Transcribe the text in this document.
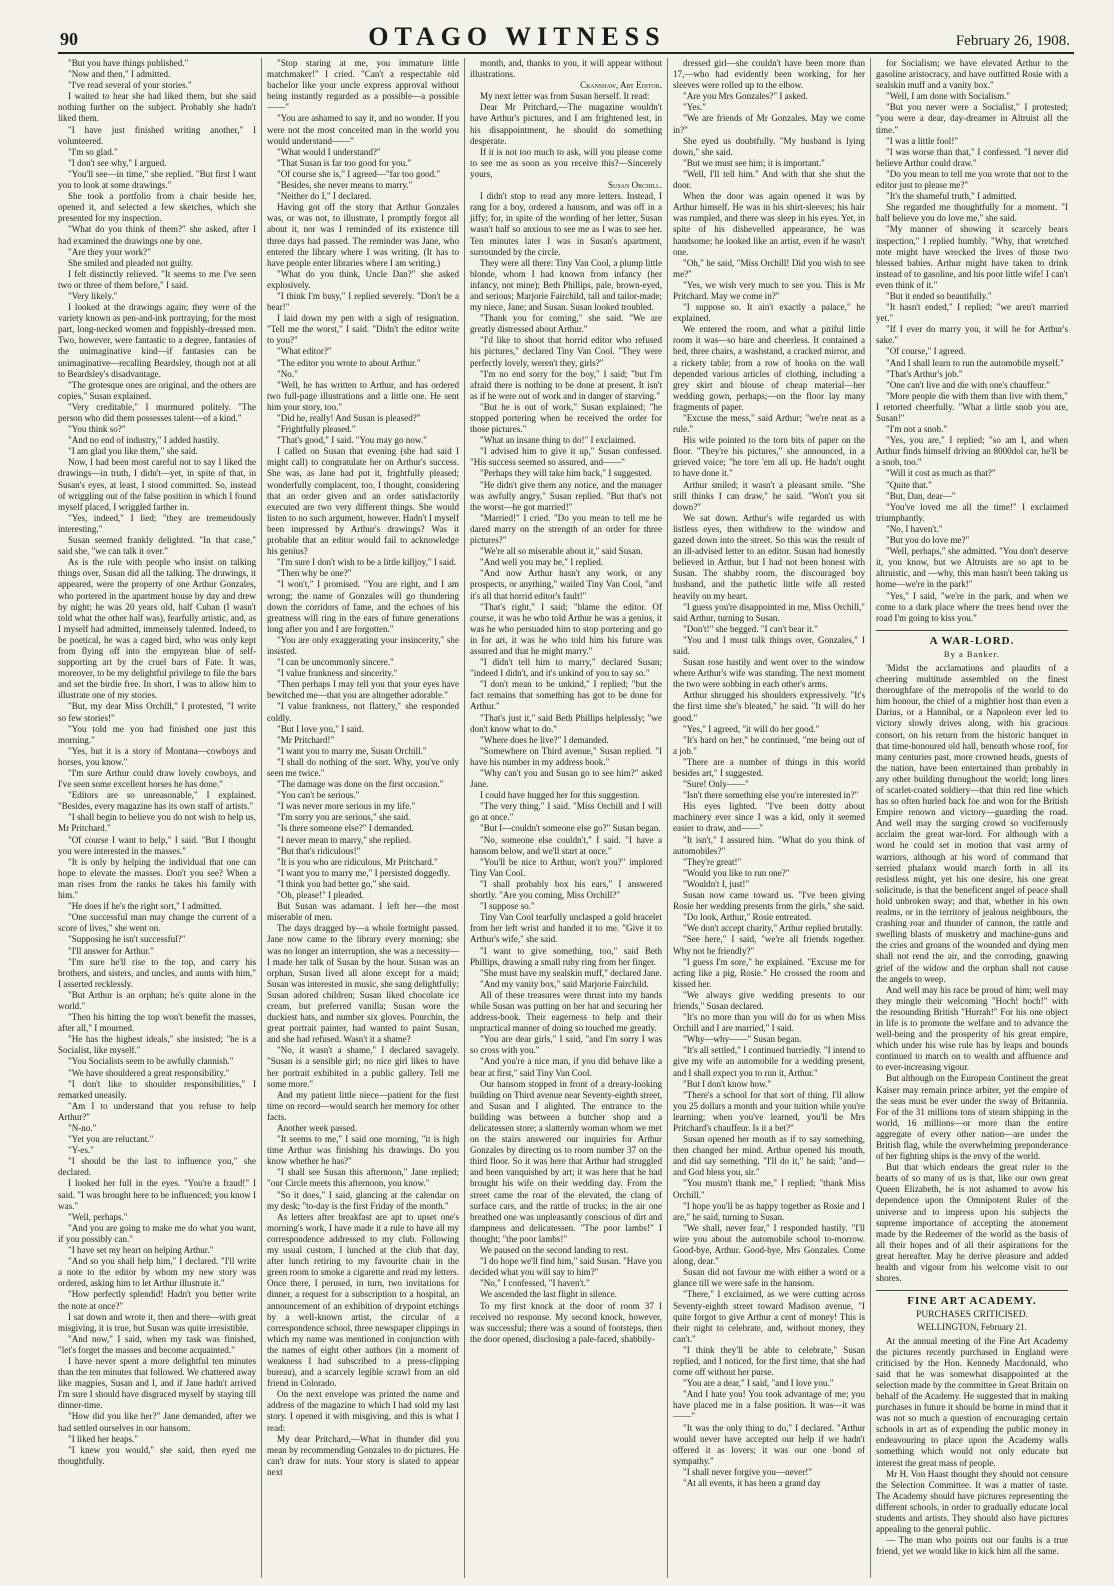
90	OTAGO WITNESS	February 26, 1908.

"But you have things published."

"Now and then," I admitted.

"I've read several of your stories."

I waited to hear she had liked them, but she said nothing further on the subject. Probably she hadn't liked them.

"I have just finished writing another," I volunteered.

"I'm so glad."

"I don't see why," I argued.

"You'll see—in time," she replied. "But first I want you to look at some drawings."

She took a portfolio from a chair beside her, opened it, and selected a few sketches, which she presented for my inspection.

"What do you think of them?" she asked, after I had examined the drawings one by one.

"Are they your work?"

She smiled and pleaded not guilty.

I felt distinctly relieved. "It seems to me I've seen two or three of them before," I said.

"Very likely."

I looked at the drawings again; they were of the variety known as pen-and-ink portraying, for the most part, long-necked women and foppishly-dressed men. Two, however, were fantastic to a degree, fantasies of the unimaginative kind—if fantasies can be unimaginative—recalling Beardsley, though not at all to Beardsley's disadvantage.

"The grotesque ones are original, and the others are copies," Susan explained.

"Very creditable," I murmured politely. "The person who did them possesses talent—of a kind."

"You think so?"

"And no end of industry," I added hastily.

"I am glad you like them," she said.

Now, I had been most careful not to say I liked the drawings—in truth, I didn't—yet, in spite of that, in Susan's eyes, at least, I stood committed. So, instead of wriggling out of the false position in which I found myself placed, I wriggled farther in.

"Yes, indeed," I lied; "they are tremendously interesting."

Susan seemed frankly delighted. "In that case," said she, "we can talk it over."

As is the rule with people who insist on talking things over, Susan did all the talking. The drawings, it appeared, were the property of one Arthur Gonzales, who portered in the apartment house by day and drew by night; he was 20 years old, half Cuban (I wasn't told what the other half was), fearfully artistic, and, as I myself had admitted, immensely talented. Indeed, to be poetical, he was a caged bird, who was only kept from flying off into the empyrean blue of self-supporting art by the cruel bars of Fate. It was, moreover, to be my delightful privilege to file the bars and set the birdie free. In short, I was to allow him to illustrate one of my stories.

"But, my dear Miss Orchill," I protested, "I write so few stories!"

"You told me you had finished one just this morning."

"Yes, but it is a story of Montana—cowboys and horses, you know."

"I'm sure Arthur could draw lovely cowboys, and I've seen some excellent horses he has done."

"Editors are so unreasonable," I explained. "Besides, every magazine has its own staff of artists."

"I shall begin to believe you do not wish to help us, Mr Pritchard."

"Of course I want to help," I said. "But I thought you were interested in the masses."

"It is only by helping the individual that one can hope to elevate the masses. Don't you see? When a man rises from the ranks he takes his family with him."

"He does if he's the right sort," I admitted.

"One successful man may change the current of a score of lives," she went on.

"Supposing he isn't successful?"

"I'll answer for Arthur."

"I'm sure he'll rise to the top, and carry his brothers, and sisters, and uncles, and aunts with him," I asserted recklessly.

"But Arthur is an orphan; he's quite alone in the world."

"Then his hitting the top won't benefit the masses, after all," I mourned.

"He has the highest ideals," she insisted; "he is a Socialist, like myself."

"You Socialists seem to be awfully clannish."

"We have shouldered a great responsibility."

"I don't like to shoulder responsibilities," I remarked uneasily.

"Am I to understand that you refuse to help Arthur?"

"N-no."

"Yet you are reluctant."

"Y-es."

"I should be the last to influence you," she declared.

I looked her full in the eyes. "You're a fraud!" I said. "I was brought here to be influenced; you know I was."

"Well, perhaps."

"And you are going to make me do what you want, if you possibly can."

"I have set my heart on helping Arthur."

"And so you shall help him," I declared. "I'll write a note to the editor by whom my new story was ordered, asking him to let Arthur illustrate it."

"How perfectly splendid! Hadn't you better write the note at once?"

I sat down and wrote it, then and there—with great misgiving, it is true, but Susan was quite irresistible.

"And now," I said, when my task was finished, "let's forget the masses and become acquainted."

I have never spent a more delightful ten minutes than the ten minutes that followed. We chattered away like magpies, Susan and I, and if Jane hadn't arrived I'm sure I should have disgraced myself by staying till dinner-time.

"How did you like her?" Jane demanded, after we had settled ourselves in our hansom.

"I liked her heaps."

"I knew you would," she said, then eyed me thoughtfully.

"Stop staring at me, you immature little matchmaker!" I cried. "Can't a respectable old bachelor like your uncle express approval without being instantly regarded as a possible—a possible——"

"You are ashamed to say it, and no wonder. If you were not the most conceited man in the world you would understand——"

"What would I understand?"

"That Susan is far too good for you."

"Of course she is," I agreed—"far too good."

"Besides, she never means to marry."

"Neither do I," I declared.

Having got off the story that Arthur Gonzales was, or was not, to illustrate, I promptly forgot all about it, nor was I reminded of its existence till three days had passed. The reminder was Jane, who entered the library where I was writing. (It has to have people enter libraries where I am writing.)

"What do you think, Uncle Dan?" she asked explosively.

"I think I'm busy," I replied severely. "Don't be a bear!"

I laid down my pen with a sigh of resignation. "Tell me the worst," I said. "Didn't the editor write to you?"

"What editor?"

"The editor you wrote to about Arthur."

"No."

"Well, he has written to Arthur, and has ordered two full-page illustrations and a little one. He sent him your story, too."

"Did he, really! And Susan is pleased?"

"Frightfully pleased."

"That's good," I said. "You may go now."

I called on Susan that evening (she had said I might call) to congratulate her on Arthur's success. She was, as Jane had put it, frightfully pleased; wonderfully complacent, too, I thought, considering that an order given and an order satisfactorily executed are two very different things. She would listen to no such argument, however. Hadn't I myself been impressed by Arthur's drawings? Was it probable that an editor would fail to acknowledge his genius?

"I'm sure I don't wish to be a little killjoy," I said.

"Then why be one?"

"I won't," I promised. "You are right, and I am wrong; the name of Gonzales will go thundering down the corridors of fame, and the echoes of his greatness will ring in the ears of future generations long after you and I are forgotten."

"You are only exaggerating your insincerity," she insisted.

"I can be uncommonly sincere."

"I value frankness and sincerity."

"Then perhaps I may tell you that your eyes have bewitched me—that you are altogether adorable."

"I value frankness, not flattery," she responded coldly.

"But I love you," I said.

"Mr Pritchard!"

"I want you to marry me, Susan Orchill."

"I shall do nothing of the sort. Why, you've only seen me twice."

"The damage was done on the first occasion."

"You can't be serious."

"I was never more serious in my life."

"I'm sorry you are serious," she said.

"Is there someone else?" I demanded.

"I never mean to marry," she replied.

"But that's ridiculous!"

"It is you who are ridiculous, Mr Pritchard."

"I want you to marry me," I persisted doggedly.

"I think you had better go," she said.

"Oh, please!" I pleaded.

But Susan was adamant. I left her—the most miserable of men.

The days dragged by—a whole fortnight passed. Jane now came to the library every morning; she was no longer an interruption, she was a necessity—I made her talk of Susan by the hour. Susan was an orphan, Susan lived all alone except for a maid; Susan was interested in music, she sang delightfully; Susan adored children; Susan liked chocolate ice cream, but preferred vanilla; Susan wore the duckiest hats, and number six gloves. Pourchin, the great portrait painter, had wanted to paint Susan, and she had refused. Wasn't it a shame?

"No, it wasn't a shame," I declared savagely. "Susan is a sensible girl; no nice girl likes to have her portrait exhibited in a public gallery. Tell me some more."

And my patient little niece—patient for the first time on record—would search her memory for other facts.

Another week passed.

"It seems to me," I said one morning, "it is high time Arthur was finishing his drawings. Do you know whether he has?"

"I shall see Susan this afternoon," Jane replied; "our Circle meets this afternoon, you know."

"So it does," I said, glancing at the calendar on my desk; "to-day is the first Friday of the month."

As letters after breakfast are apt to upset one's morning's work, I have made it a rule to have all my correspondence addressed to my club. Following my usual custom, I lunched at the club that day, after lunch retiring to my favourite chair in the green room to smoke a cigarette and read my letters. Once there, I perused, in turn, two invitations for dinner, a request for a subscription to a hospital, an announcement of an exhibition of drypoint etchings by a well-known artist, the circular of a correspondence school, three newspaper clippings in which my name was mentioned in conjunction with the names of eight other authors (in a moment of weakness I had subscribed to a press-clipping bureau), and a scarcely legible scrawl from an old friend in Colorado.

On the next envelope was printed the name and address of the magazine to which I had sold my last story. I opened it with misgiving, and this is what I read:

My dear Pritchard,—What in thunder did you mean by recommending Gonzales to do pictures. He can't draw for nuts. Your story is slated to appear next

month, and, thanks to you, it will appear without illustrations.

Cranshaw, Art Editor.

My next letter was from Susan herself. It read:

Dear Mr Pritchard,—The magazine wouldn't have Arthur's pictures, and I am frightened lest, in his disappointment, he should do something desperate.

If it is not too much to ask, will you please come to see me as soon as you receive this?—Sincerely yours,

Susan Orchill.

I didn't stop to read any more letters. Instead, I rang for a boy, ordered a hansom, and was off in a jiffy; for, in spite of the wording of her letter, Susan wasn't half so anxious to see me as I was to see her. Ten minutes later I was in Susan's apartment, surrounded by the circle.

They were all there: Tiny Van Cool, a plump little blonde, whom I had known from infancy (her infancy, not mine); Beth Phillips, pale, brown-eyed, and serious; Marjorie Fairchild, tall and tailor-made; my niece, Jane; and Susan. Susan looked troubled.

"Thank you for coming," she said. "We are greatly distressed about Arthur."

"I'd like to shoot that horrid editor who refused his pictures," declared Tiny Van Cool. "They were perfectly lovely, weren't they, girls?"

"I'm no end sorry for the boy," I said; "but I'm afraid there is nothing to be done at present. It isn't as if he were out of work and in danger of starving."

"But he is out of work," Susan explained; "he stopped portering when he received the order for those pictures."

"What an insane thing to do!" I exclaimed.

"I advised him to give it up," Susan confessed. "His success seemed so assured, and——"

"Perhaps they will take him back," I suggested.

"He didn't give them any notice, and the manager was awfully angry," Susan replied. "But that's not the worst—he got married!"

"Married!" I cried. "Do you mean to tell me he dared marry on the strength of an order for three pictures?"

"We're all so miserable about it," said Susan.

"And well you may be," I replied.

"And now Arthur hasn't any work, or any prospects, or anything," wailed Tiny Van Cool, "and it's all that horrid editor's fault!"

"That's right," I said; "blame the editor. Of course, it was he who told Arthur he was a genius, it was he who persuaded him to stop portering and go in for art, it was he who told him his future was assured and that he might marry."

"I didn't tell him to marry," declared Susan; "indeed I didn't, and it's unkind of you to say so."

"I don't mean to be unkind," I replied; "but the fact remains that something has got to be done for Arthur."

"That's just it," said Beth Phillips helplessly; "we don't know what to do."

"Where does he live?" I demanded.

"Somewhere on Third avenue," Susan replied. "I have his number in my address book."

"Why can't you and Susan go to see him?" asked Jane.

I could have hugged her for this suggestion.

"The very thing," I said. "Miss Orchill and I will go at once."

"But I—couldn't someone else go?" Susan began.

"No, someone else couldn't," I said. "I have a hansom below, and we'll start at once."

"You'll be nice to Arthur, won't you?" implored Tiny Van Cool.

"I shall probably box his ears," I answered shortly. "Are you coming, Miss Orchill?"

"I suppose so."

Tiny Van Cool tearfully unclasped a gold bracelet from her left wrist and handed it to me. "Give it to Arthur's wife," she said.

"I want to give something, too," said Beth Phillips, drawing a small ruby ring from her finger.

"She must have my sealskin muff," declared Jane.

"And my vanity box," said Marjorie Fairchild.

All of these treasures were thrust into my hands while Susan was putting on her hat and securing her address-book. Their eagerness to help and their unpractical manner of doing so touched me greatly.

"You are dear girls," I said, "and I'm sorry I was so cross with you."

"And you're a nice man, if you did behave like a bear at first," said Tiny Van Cool.

Our hansom stopped in front of a dreary-looking building on Third avenue near Seventy-eighth street, and Susan and I alighted. The entrance to the building was between a butcher shop and a delicatessen store; a slatternly woman whom we met on the stairs answered our inquiries for Arthur Gonzales by directing us to room number 37 on the third floor. So it was here that Arthur had struggled and been vanquished by art; it was here that he had brought his wife on their wedding day. From the street came the roar of the elevated, the clang of surface cars, and the rattle of trucks; in the air one breathed one was unpleasantly conscious of dirt and dampness and delicatessen. "The poor lambs!" I thought; "the poor lambs!"

We paused on the second landing to rest.

"I do hope we'll find him," said Susan. "Have you decided what you will say to him?"

"No," I confessed, "I haven't."

We ascended the last flight in silence.

To my first knock at the door of room 37 I received no response. My second knock, however, was successful; there was a sound of footsteps, then the door opened, disclosing a pale-faced, shabbily-

dressed girl—she couldn't have been more than 17,—who had evidently been working, for her sleeves were rolled up to the elbow.

"Are you Mrs Gonzales?" I asked.

"Yes."

"We are friends of Mr Gonzales. May we come in?"

She eyed us doubtfully. "My husband is lying down," she said.

"But we must see him; it is important."

"Well, I'll tell him." And with that she shut the door.

When the door was again opened it was by Arthur himself. He was in his shirt-sleeves; his hair was rumpled, and there was sleep in his eyes. Yet, in spite of his dishevelled appearance, he was handsome; he looked like an artist, even if he wasn't one.

"Oh," he said, "Miss Orchill! Did you wish to see me?"

"Yes, we wish very much to see you. This is Mr Pritchard. May we come in?"

"I suppose so. It ain't exactly a palace," he explained.

We entered the room, and what a pitiful little room it was—so bare and cheerless. It contained a bed, three chairs, a washstand, a cracked mirror, and a rickety table; from a row of hooks on the wall depended various articles of clothing, including a grey skirt and blouse of cheap material—her wedding gown, perhaps;—on the floor lay many fragments of paper.

"Excuse the mess," said Arthur; "we're neat as a rule."

His wife pointed to the torn bits of paper on the floor. "They're his pictures," she announced, in a grieved voice; "he tore 'em all up. He hadn't ought to have done it."

Arthur smiled; it wasn't a pleasant smile. "She still thinks I can draw," he said. "Won't you sit down?"

We sat down. Arthur's wife regarded us with listless eyes, then withdrew to the window and gazed down into the street. So this was the result of an ill-advised letter to an editor. Susan had honestly believed in Arthur, but I had not been honest with Susan. The shabby room, the discouraged boy husband, and the pathetic little wife all rested heavily on my heart.

"I guess you're disappointed in me, Miss Orchill," said Arthur, turning to Susan.

"Don't!" she begged. "I can't bear it."

"You and I must talk things over, Gonzales," I said.

Susan rose hastily and went over to the window where Arthur's wife was standing. The next moment the two were sobbing in each other's arms.

Arthur shrugged his shoulders expressively. "It's the first time she's bleated," he said. "It will do her good."

"Yes," I agreed, "it will do her good."

"It's hard on her," he continued, "me being out of a job."

"There are a number of things in this world besides art," I suggested.

"Sure! Only——"

"Isn't there something else you're interested in?"

His eyes lighted. "I've been dotty about machinery ever since I was a kid, only it seemed easier to draw, and——"

"It isn't," I assured him. "What do you think of automobiles?"

"They're great!"

"Would you like to run one?"

"Wouldn't I, just!"

Susan now came toward us. "I've been giving Rosie her wedding presents from the girls," she said.

"Do look, Arthur," Rosie entreated.

"We don't accept charity," Arthur replied brutally.

"See here," I said, "we're all friends together. Why not be friendly?"

"I guess I'm sore," he explained. "Excuse me for acting like a pig, Rosie." He crossed the room and kissed her.

"We always give wedding presents to our friends," Susan declared.

"It's no more than you will do for us when Miss Orchill and I are married," I said.

"Why—why——" Susan began.

"It's all settled," I continued hurriedly. "I intend to give my wife an automobile for a wedding present, and I shall expect you to run it, Arthur."

"But I don't know how."

"There's a school for that sort of thing. I'll allow you 25 dollars a month and your tuition while you're learning; when you've learned, you'll be Mrs Pritchard's chauffeur. Is it a bet?"

Susan opened her mouth as if to say something, then changed her mind. Arthur opened his mouth, and did say something. "I'll do it," he said; "and—and God bless you, sir."

"You mustn't thank me," I replied; "thank Miss Orchill."

"I hope you'll be as happy together as Rosie and I are," he said, turning to Susan.

"We shall, never fear," I responded hastily. "I'll wire you about the automobile school to-morrow. Good-bye, Arthur. Good-bye, Mrs Gonzales. Come along, dear."

Susan did not favour me with either a word or a glance till we were safe in the hansom.

"There," I exclaimed, as we were cutting across Seventy-eighth street toward Madison avenue, "I quite forgot to give Arthur a cent of money! This is their night to celebrate, and, without money, they can't."

"I think they'll be able to celebrate," Susan replied, and I noticed, for the first time, that she had come off without her purse.

"You are a dear," I said, "and I love you."

"And I hate you! You took advantage of me; you have placed me in a false position. It was—it was——"

"It was the only thing to do," I declared. "Arthur would never have accepted our help if we hadn't offered it as lovers; it was our one bond of sympathy."

"I shall never forgive you—never!"

"At all events, it has been a grand day

for Socialism; we have elevated Arthur to the gasoline aristocracy, and have outfitted Rosie with a sealskin muff and a vanity box."

"Well, I am done with Socialism."

"But you never were a Socialist," I protested; "you were a dear, day-dreamer in Altruist all the time."

"I was a little fool!"

"I was worse than that," I confessed. "I never did believe Arthur could draw."

"Do you mean to tell me you wrote that not to the editor just to please me?"

"It's the shameful truth," I admitted.

She regarded me thoughtfully for a moment. "I half believe you do love me," she said.

"My manner of showing it scarcely bears inspection," I replied humbly. "Why, that wretched note might have wrecked the lives of those two blessed babies. Arthur might have taken to drink instead of to gasoline, and his poor little wife! I can't even think of it."

"But it ended so beautifully."

"It hasn't ended," I replied; "we aren't married yet."

"If I ever do marry you, it will be for Arthur's sake."

"Of course," I agreed.

"And I shall learn to run the automobile myself."

"That's Arthur's job."

"One can't live and die with one's chauffeur."

"More people die with them than live with them," I retorted cheerfully. "What a little snob you are, Susan!"

"I'm not a snob."

"Yes, you are," I replied; "so am I, and when Arthur finds himself driving an 8000dol car, he'll be a snob, too."

"Will it cost as much as that?"

"Quite that."

"But, Dan, dear—"

"You've loved me all the time!" I exclaimed triumphantly.

"No, I haven't."

"But you do love me?"

"Well, perhaps," she admitted. "You don't deserve it, you know, but we Altruists are so apt to be altruistic, and —why, this man hasn't been taking us home—we're in the park!"

"Yes," I said, "we're in the park, and when we come to a dark place where the trees bend over the road I'm going to kiss you."

A WAR-LORD.
By a Banker.

'Midst the acclamations and plaudits of a cheering multitude assembled on the finest thoroughfare of the metropolis of the world to do him honour, the chief of a mightier host than even a Darius, or a Hannibal, or a Napoleon ever led to victory slowly drives along, with his gracious consort, on his return from the historic banquet in that time-honoured old hall, beneath whose roof, for many centuries past, more crowned heads, guests of the nation, have been entertained than probably in any other building throughout the world; long lines of scarlet-coated soldiery—that thin red line which has so often hurled back foe and won for the British Empire renown and victory—guarding the road. And well may the surging crowd so vociferously acclaim the great war-lord. For although with a word he could set in motion that vast army of warriors, although at his word of command that serried phalanx would march forth in all its resistless might, yet his one desire, his one great solicitude, is that the beneficent angel of peace shall hold unbroken sway; and that, whether in his own realms, or in the territory of jealous neighbours, the crashing roar and thunder of cannon, the rattle and swelling blasts of musketry and machine-guns and the cries and groans of the wounded and dying men shall not rend the air, and the corroding, gnawing grief of the widow and the orphan shall not cause the angels to weep.

And well may his race be proud of him; well may they mingle their welcoming "Hoch! hoch!" with the resounding British "Hurrah!" For his one object in life is to promote the welfare and to advance the well-being and the prosperity of his great empire, which under his wise rule has by leaps and bounds continued to march on to wealth and affluence and to ever-increasing vigour.

But although on the European Continent the great Kaiser may remain prince arbiter, yet the empire of the seas must be ever under the sway of Britannia. For of the 31 millions tons of steam shipping in the world, 16 millions—or more than the entire aggregate of every other nation—are under the British flag, while the overwhelming preponderance of her fighting ships is the envy of the world.

But that which endears the great ruler to the hearts of so many of us is that, like our own great Queen Elizabeth, he is not ashamed to avow his dependence upon the Omnipotent Ruler of the universe and to impress upon his subjects the supreme importance of accepting the atonement made by the Redeemer of the world as the basis of all their hopes and of all their aspirations for the great hereafter. May he derive pleasure and added health and vigour from his welcome visit to our shores.

FINE ART ACADEMY.
PURCHASES CRITICISED.
WELLINGTON, February 21.

At the annual meeting of the Fine Art Academy the pictures recently purchased in England were criticised by the Hon. Kennedy Macdonald, who said that he was somewhat disappointed at the selection made by the committee in Great Britain on behalf of the Academy. He suggested that in making purchases in future it should be borne in mind that it was not so much a question of encouraging certain schools in art as of expending the public money in endeavouring to place upon the Academy walls something which would not only educate but interest the great mass of people.

Mr H. Von Haast thought they should not censure the Selection Committee. It was a matter of taste. The Academy should have pictures representing the different schools, in order to gradually educate local students and artists. They should also have pictures appealing to the general public.

— The man who points out our faults is a true friend, yet we would like to kick him all the same.
